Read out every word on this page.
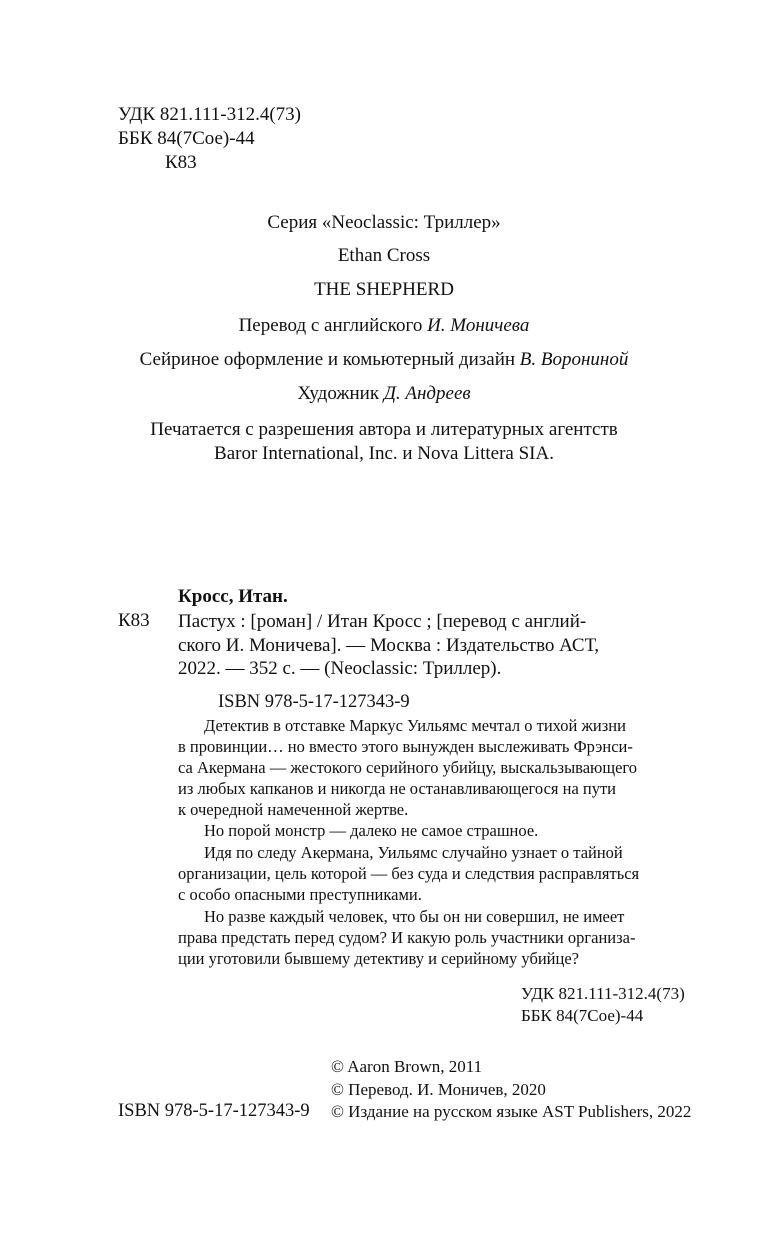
УДК 821.111-312.4(73)
ББК 84(7Сое)-44
К83
Серия «Neoclassic: Триллер»
Ethan Cross
THE SHEPHERD
Перевод с английского И. Моничева
Сейриное оформление и комьютерный дизайн В. Ворониной
Художник Д. Андреев
Печатается с разрешения автора и литературных агентств
Baror International, Inc. и Nova Littera SIA.
Кросс, Итан.
К83 Пастух : [роман] / Итан Кросс ; [перевод с англий-
ского И. Моничева]. — Москва : Издательство АСТ,
2022. — 352 с. — (Neoclassic: Триллер).
ISBN 978-5-17-127343-9
Детектив в отставке Маркус Уильямс мечтал о тихой жизни
в провинции… но вместо этого вынужден выслеживать Фрэнси-
са Акермана — жестокого серийного убийцу, выскальзывающего
из любых капканов и никогда не останавливающегося на пути
к очередной намеченной жертве.
Но порой монстр — далеко не самое страшное.
Идя по следу Акермана, Уильямс случайно узнает о тайной
организации, цель которой — без суда и следствия расправляться
с особо опасными преступниками.
Но разве каждый человек, что бы он ни совершил, не имеет
права предстать перед судом? И какую роль участники организа-
ции уготовили бывшему детективу и серийному убийце?
УДК 821.111-312.4(73)
ББК 84(7Сое)-44
© Aaron Brown, 2011
© Перевод. И. Моничев, 2020
ISBN 978-5-17-127343-9 © Издание на русском языке AST Publishers, 2022
